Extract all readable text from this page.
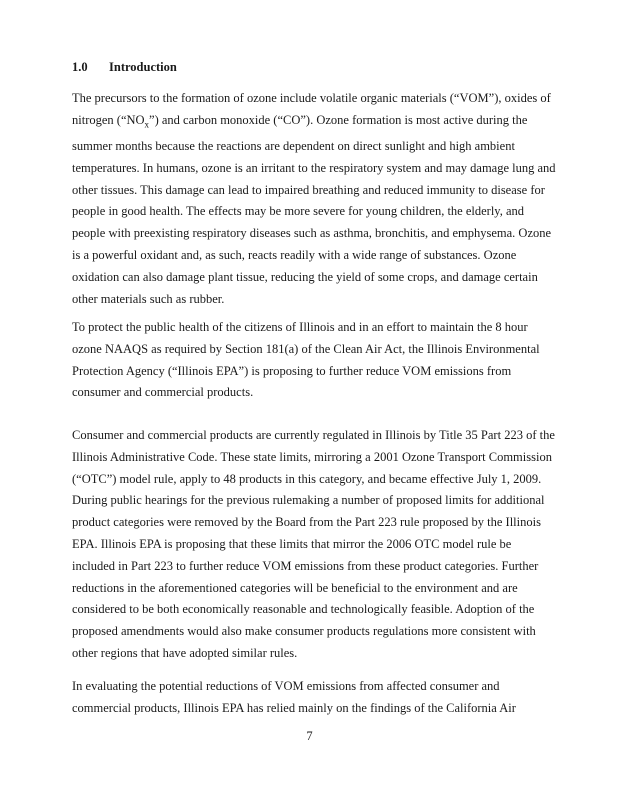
1.0 Introduction

The precursors to the formation of ozone include volatile organic materials (“VOM”), oxides of
nitrogen $(“NO_x”)$ and carbon monoxide (“CO”). Ozone formation is most active during the
summer months because the reactions are dependent on direct sunlight and high ambient
temperatures. In humans, ozone is an irritant to the respiratory system and may damage lung and
other tissues. This damage can lead to impaired breathing and reduced immunity to disease for
people in good health. The effects may be more severe for young children, the elderly, and
people with preexisting respiratory diseases such as asthma, bronchitis, and emphysema. Ozone
is a powerful oxidant and, as such, reacts readily with a wide range of substances. Ozone
oxidation can also damage plant tissue, reducing the yield of some crops, and damage certain
other materials such as rubber.

To protect the public health of the citizens of Illinois and in an effort to maintain the 8 hour
ozone NAAQS as required by Section 181(a) of the Clean Air Act, the Illinois Environmental
Protection Agency (“Illinois EPA”) is proposing to further reduce VOM emissions from
consumer and commercial products.

Consumer and commercial products are currently regulated in Illinois by Title 35 Part 223 of the
Illinois Administrative Code. These state limits, mirroring a 2001 Ozone Transport Commission
(“OTC”) model rule, apply to 48 products in this category, and became effective July 1, 2009.
During public hearings for the previous rulemaking a number of proposed limits for additional
product categories were removed by the Board from the Part 223 rule proposed by the Illinois
EPA. Illinois EPA is proposing that these limits that mirror the 2006 OTC model rule be
included in Part 223 to further reduce VOM emissions from these product categories. Further
reductions in the aforementioned categories will be beneficial to the environment and are
considered to be both economically reasonable and technologically feasible. Adoption of the
proposed amendments would also make consumer products regulations more consistent with
other regions that have adopted similar rules.

In evaluating the potential reductions of VOM emissions from affected consumer and
commercial products, Illinois EPA has relied mainly on the findings of the California Air

7
